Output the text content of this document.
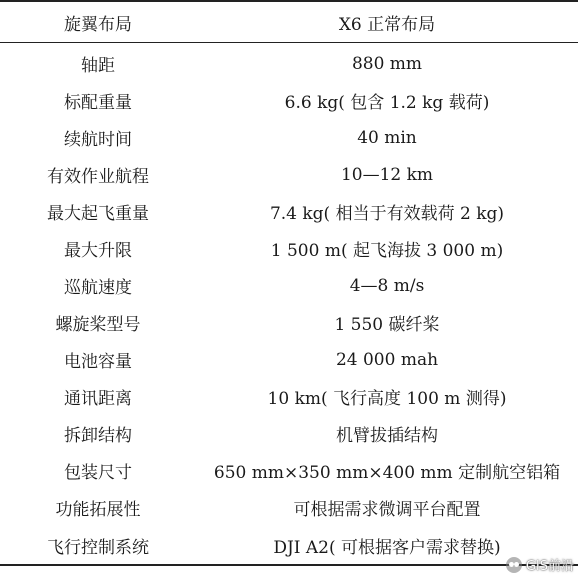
旋翼布局	X6 正常布局
轴距	880 mm
标配重量	6.6 kg( 包含 1.2 kg 载荷)
续航时间	40 min
有效作业航程	10—12 km
最大起飞重量	7.4 kg( 相当于有效载荷 2 kg)
最大升限	1 500 m( 起飞海拔 3 000 m)
巡航速度	4—8 m/s
螺旋桨型号	1 550 碳纤桨
电池容量	24 000 mah
通讯距离	10 km( 飞行高度 100 m 测得)
拆卸结构	机臂拔插结构
包装尺寸	650 mm×350 mm×400 mm 定制航空铝箱
功能拓展性	可根据需求微调平台配置
飞行控制系统	DJI A2( 可根据客户需求替换)
GIS前沿
